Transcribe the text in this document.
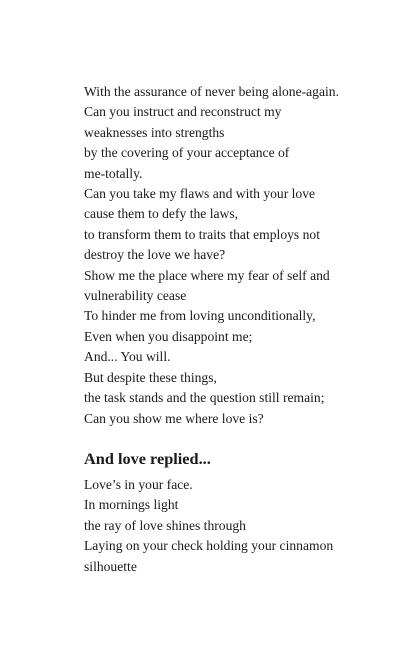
With the assurance of never being alone-again.

Can you instruct and reconstruct my

weaknesses into strengths

by the covering of your acceptance of

me-totally.

Can you take my flaws and with your love

cause them to defy the laws,

to transform them to traits that employs not

destroy the love we have?

Show me the place where my fear of self and

vulnerability cease

To hinder me from loving unconditionally,

Even when you disappoint me;

And... You will.

But despite these things,

the task stands and the question still remain;

Can you show me where love is?

And love replied...

Love’s in your face.

In mornings light

the ray of love shines through

Laying on your check holding your cinnamon

silhouette
